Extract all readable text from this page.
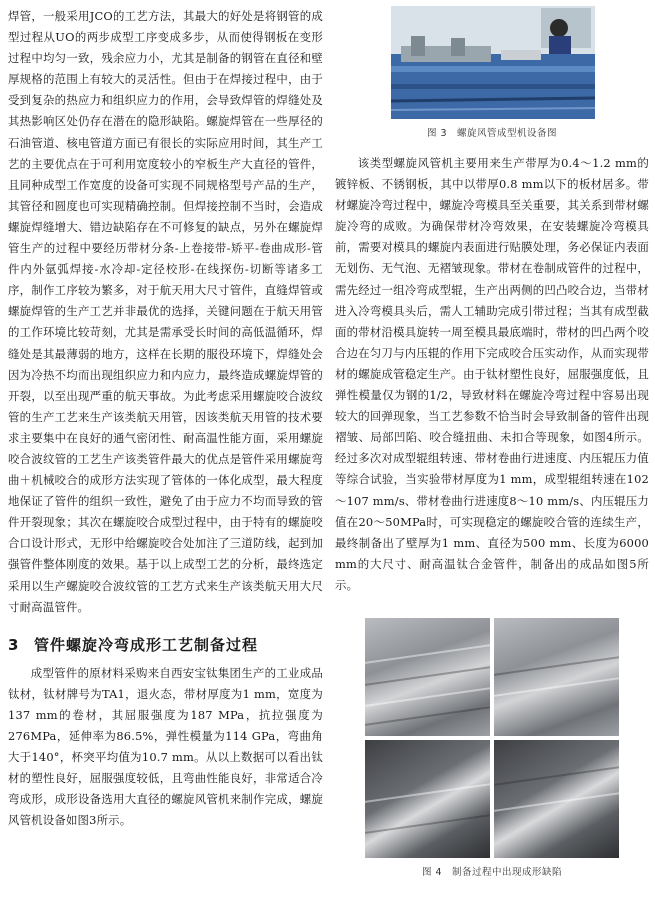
焊管，一般采用JCO的工艺方法，其最大的好处是将钢管的成型过程从UO的两步成型工序变成多步，从而使得钢板在变形过程中均匀一致，残余应力小，尤其是制备的钢管在直径和壁厚规格的范围上有较大的灵活性。但由于在焊接过程中，由于受到复杂的热应力和组织应力的作用，会导致焊管的焊缝处及其热影响区处仍存在潜在的隐形缺陷。螺旋焊管在一些厚径的石油管道、核电管道方面已有很长的实际应用时间，其生产工艺的主要优点在于可利用宽度较小的窄板生产大直径的管件，且同种成型工作宽度的设备可实现不同规格型号产品的生产，其管径和圆度也可实现精确控制。但焊接控制不当时，会造成螺旋焊缝增大、错边缺陷存在不可修复的缺点，另外在螺旋焊管生产的过程中要经历带材分条-上卷接带-矫平-卷曲成形-管件内外氩弧焊接-水冷却-定径校形-在线探伤-切断等诸多工序，制作工序较为繁多，对于航天用大尺寸管件，直缝焊管或螺旋焊管的生产工艺并非最优的选择，关键问题在于航天用管的工作环境比较苛刻，尤其是需承受长时间的高低温循环，焊缝处是其最薄弱的地方，这样在长期的服役环境下，焊缝处会因为冷热不均而出现组织应力和内应力，最终造成螺旋焊管的开裂，以至出现严重的航天事故。为此考虑采用螺旋咬合波纹管的生产工艺来生产该类航天用管，因该类航天用管的技术要求主要集中在良好的通气密闭性、耐高温性能方面，采用螺旋咬合波纹管的工艺生产该类管件最大的优点是管件采用螺旋弯曲＋机械咬合的成形方法实现了管体的一体化成型，最大程度地保证了管件的组织一致性，避免了由于应力不均而导致的管件开裂现象；其次在螺旋咬合成型过程中，由于特有的螺旋咬合口设计形式，无形中给螺旋咬合处加注了三道防线，起到加强管件整体刚度的效果。基于以上成型工艺的分析，最终选定采用以生产螺旋咬合波纹管的工艺方式来生产该类航天用大尺寸耐高温管件。

3 管件螺旋冷弯成形工艺制备过程

成型管件的原材料采购来自西安宝钛集团生产的工业成品钛材，钛材牌号为TA1，退火态，带材厚度为1 mm，宽度为137 mm的卷材，其屈服强度为187 MPa，抗拉强度为276MPa，延伸率为86.5%，弹性模量为114 GPa，弯曲角大于140°，杯突平均值为10.7 mm。从以上数据可以看出钛材的塑性良好，屈服强度较低，且弯曲性能良好，非常适合冷弯成形，成形设备选用大直径的螺旋风管机来制作完成，螺旋风管机设备如图3所示。

图 3　螺旋风管成型机设备图

该类型螺旋风管机主要用来生产带厚为0.4～1.2 mm的镀锌板、不锈钢板，其中以带厚0.8 mm以下的板材居多。带材螺旋冷弯过程中，螺旋冷弯模具至关重要，其关系到带材螺旋冷弯的成败。为确保带材冷弯效果，在安装螺旋冷弯模具前，需要对模具的螺旋内表面进行贴膜处理，务必保证内表面无划伤、无气泡、无褶皱现象。带材在卷制成管件的过程中，需先经过一组冷弯成型辊，生产出两侧的凹凸咬合边，当带材进入冷弯模具头后，需人工辅助完成引带过程；当其有成型截面的带材沿模具旋转一周至模具最底端时，带材的凹凸两个咬合边在匀刀与内压辊的作用下完成咬合压实动作，从而实现带材的螺旋成管稳定生产。由于钛材塑性良好，屈服强度低，且弹性模量仅为钢的1/2，导致材料在螺旋冷弯过程中容易出现较大的回弹现象，当工艺参数不恰当时会导致制备的管件出现褶皱、局部凹陷、咬合缝扭曲、未扣合等现象，如图4所示。经过多次对成型辊组转速、带材卷曲行进速度、内压辊压力值等综合试验，当实验带材厚度为1 mm，成型辊组转速在102～107 mm/s、带材卷曲行进速度8～10 mm/s、内压辊压力值在20～50MPa时，可实现稳定的螺旋咬合管的连续生产，最终制备出了壁厚为1 mm、直径为500 mm、长度为6000 mm的大尺寸、耐高温钛合金管件，制备出的成品如图5所示。

图 4　制备过程中出现成形缺陷
